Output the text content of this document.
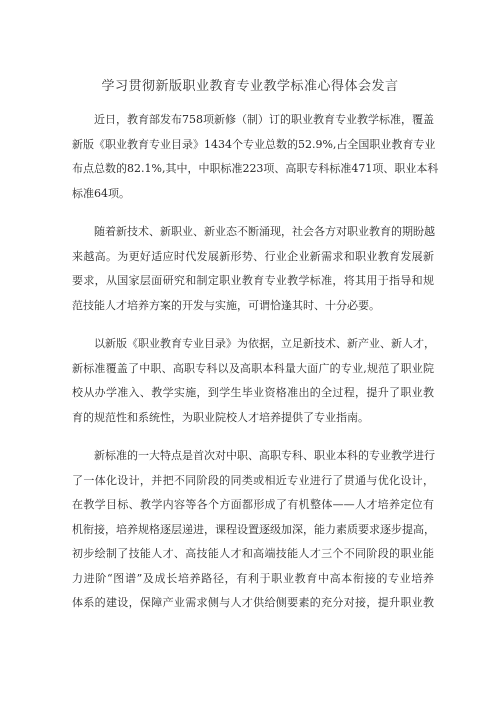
学习贯彻新版职业教育专业教学标准心得体会发言

近日，教育部发布758项新修（制）订的职业教育专业教学标准，覆盖
新版《职业教育专业目录》1434个专业总数的52.9%,占全国职业教育专业
布点总数的82.1%,其中，中职标准223项、高职专科标准471项、职业本科
标准64项。

随着新技术、新职业、新业态不断涌现，社会各方对职业教育的期盼越
来越高。为更好适应时代发展新形势、行业企业新需求和职业教育发展新
要求，从国家层面研究和制定职业教育专业教学标准，将其用于指导和规
范技能人才培养方案的开发与实施，可谓恰逢其时、十分必要。

以新版《职业教育专业目录》为依据，立足新技术、新产业、新人才，
新标准覆盖了中职、高职专科以及高职本科量大面广的专业,规范了职业院
校从办学准入、教学实施，到学生毕业资格准出的全过程，提升了职业教
育的规范性和系统性，为职业院校人才培养提供了专业指南。

新标准的一大特点是首次对中职、高职专科、职业本科的专业教学进行
了一体化设计，并把不同阶段的同类或相近专业进行了贯通与优化设计，
在教学目标、教学内容等各个方面都形成了有机整体——人才培养定位有
机衔接，培养规格逐层递进，课程设置逐级加深，能力素质要求逐步提高，
初步绘制了技能人才、高技能人才和高端技能人才三个不同阶段的职业能
力进阶“图谱”及成长培养路径，有利于职业教育中高本衔接的专业培养
体系的建设，保障产业需求侧与人才供给侧要素的充分对接，提升职业教
